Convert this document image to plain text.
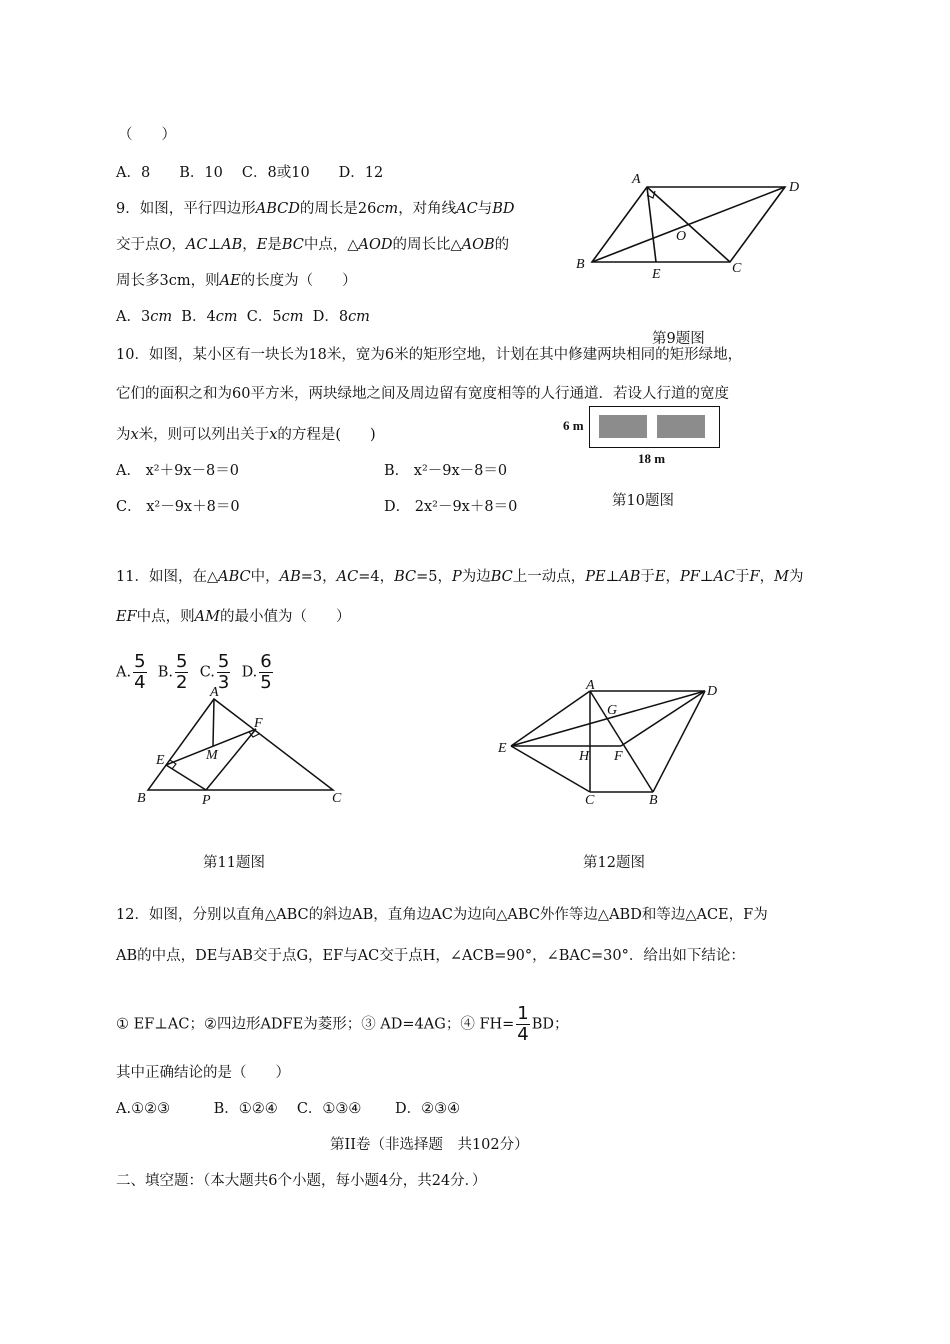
（　　）
A．8　　B．10　 C．8或10　　D．12
9．如图，平行四边形ABCD的周长是26cm，对角线AC与BD
交于点O，AC⊥AB，E是BC中点，△AOD的周长比△AOB的
周长多3cm，则AE的长度为（　　）
A．3cm B．4cm C．5cm D．8cm
A
D
O
B
E	C
第9题图
10．如图，某小区有一块长为18米，宽为6米的矩形空地，计划在其中修建两块相同的矩形绿地，
它们的面积之和为60平方米，两块绿地之间及周边留有宽度相等的人行通道．若设人行道的宽度
为x米，则可以列出关于x的方程是(　　)
A． x²＋9x－8＝0	B． x²－9x－8＝0
C． x²－9x＋8＝0	D． 2x²－9x＋8＝0
6 m
18 m
第10题图
11．如图，在△ABC中，AB=3，AC=4，BC=5，P为边BC上一动点，PE⊥AB于E，PF⊥AC于F，M为
EF中点，则AM的最小值为（　　）
A. $\frac{5}{4} B$. $\frac{5}{2} C$. $\frac{5}{3} D$. $\frac{6}{5}$
A
F
M
E
B	P	C
第11题图
A	D
G
E
H F
C	B
第12题图
12．如图，分别以直角△ABC的斜边AB，直角边AC为边向△ABC外作等边△ABD和等边△ACE，F为
AB的中点，DE与AB交于点G，EF与AC交于点H，∠ACB=90°，∠BAC=30°．给出如下结论：
① EF⊥AC；②四边形ADFE为菱形；③ AD=4AG；④ $FH= \frac{1}{4}$ BD；
其中正确结论的是（　　）
A.①②③　　　B．①②④　 C．①③④　　 D．②③④
第II卷（非选择题　共102分）
二、填空题：（本大题共6个小题，每小题4分，共24分．）
